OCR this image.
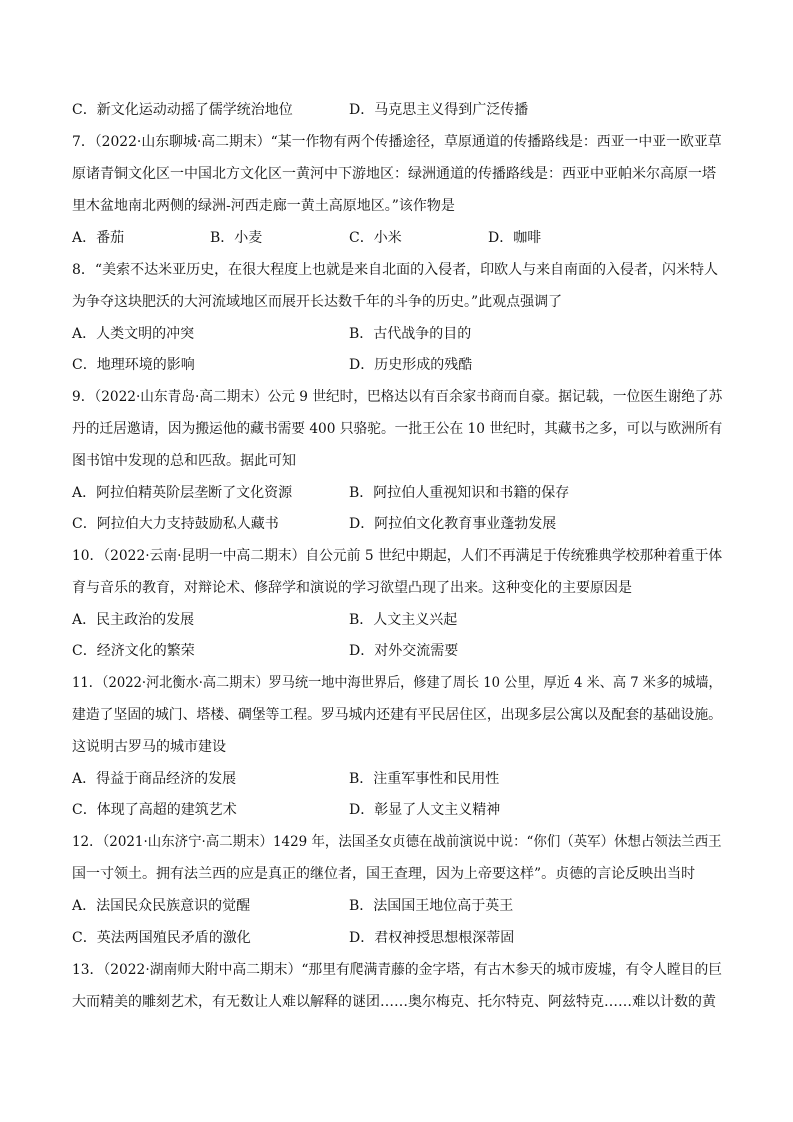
C．新文化运动动摇了儒学统治地位	D．马克思主义得到广泛传播
7．（2022·山东聊城·高二期末）“某一作物有两个传播途径，草原通道的传播路线是：西亚一中亚一欧亚草
原诸青铜文化区一中国北方文化区一黄河中下游地区：绿洲通道的传播路线是：西亚中亚帕米尔高原一塔
里木盆地南北两侧的绿洲-河西走廊一黄土高原地区。”该作物是
A．番茄	B．小麦	C．小米	D．咖啡
8．“美索不达米亚历史，在很大程度上也就是来自北面的入侵者，印欧人与来自南面的入侵者，闪米特人
为争夺这块肥沃的大河流域地区而展开长达数千年的斗争的历史。”此观点强调了
A．人类文明的冲突	B．古代战争的目的
C．地理环境的影响	D．历史形成的残酷
9．（2022·山东青岛·高二期末）公元 9 世纪时，巴格达以有百余家书商而自豪。据记载，一位医生谢绝了苏
丹的迁居邀请，因为搬运他的藏书需要 400 只骆驼。一批王公在 10 世纪时，其藏书之多，可以与欧洲所有
图书馆中发现的总和匹敌。据此可知
A．阿拉伯精英阶层垄断了文化资源	B．阿拉伯人重视知识和书籍的保存
C．阿拉伯大力支持鼓励私人藏书	D．阿拉伯文化教育事业蓬勃发展
10．（2022·云南·昆明一中高二期末）自公元前 5 世纪中期起，人们不再满足于传统雅典学校那种着重于体
育与音乐的教育，对辩论术、修辞学和演说的学习欲望凸现了出来。这种变化的主要原因是
A．民主政治的发展	B．人文主义兴起
C．经济文化的繁荣	D．对外交流需要
11．（2022·河北衡水·高二期末）罗马统一地中海世界后，修建了周长 10 公里，厚近 4 米、高 7 米多的城墙，
建造了坚固的城门、塔楼、碉堡等工程。罗马城内还建有平民居住区，出现多层公寓以及配套的基础设施。
这说明古罗马的城市建设
A．得益于商品经济的发展	B．注重军事性和民用性
C．体现了高超的建筑艺术	D．彰显了人文主义精神
12．（2021·山东济宁·高二期末）1429 年，法国圣女贞德在战前演说中说：“你们（英军）休想占领法兰西王
国一寸领土。拥有法兰西的应是真正的继位者，国王查理，因为上帝要这样”。贞德的言论反映出当时
A．法国民众民族意识的觉醒	B．法国国王地位高于英王
C．英法两国殖民矛盾的激化	D．君权神授思想根深蒂固
13．（2022·湖南师大附中高二期末）“那里有爬满青藤的金字塔，有古木参天的城市废墟，有令人瞠目的巨
大而精美的雕刻艺术，有无数让人难以解释的谜团……奥尔梅克、托尔特克、阿兹特克……难以计数的黄
